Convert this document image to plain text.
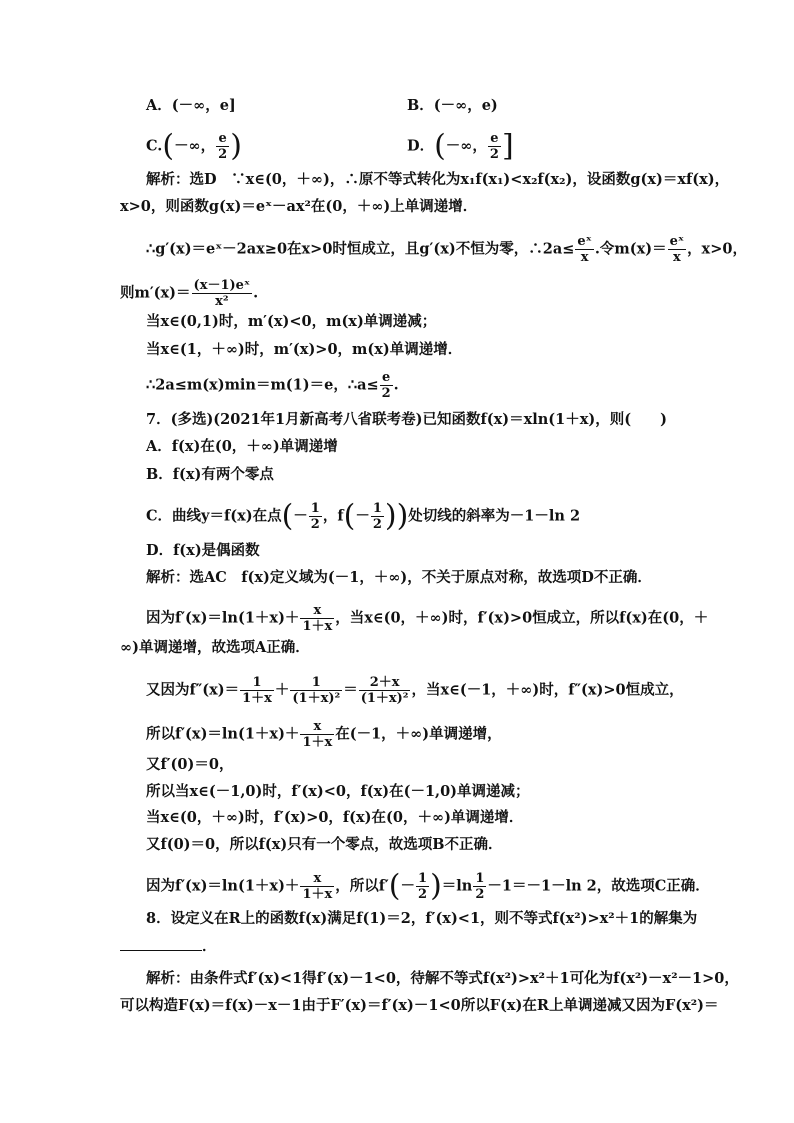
A．(－∞，e]	B．(－∞，e)
C.(－∞， $\frac{e}{2}$ )	D．(－∞， $\frac{e}{2}$ ]
解析：选D　∵x∈(0，＋∞)，∴原不等式转化为x₁f(x₁)<x₂f(x₂)，设函数g(x)＝xf(x)，
x>0，则函数g(x)＝eˣ－ax²在(0，＋∞)上单调递增．
∴g′(x)＝eˣ－2ax≥0在x>0时恒成立，且g′(x)不恒为零，∴2a≤ $\frac{\text{eˣ}}{x}$ .令$m(x)= \frac{\text{eˣ}}{x}$ ，x>0，
则$m'(x)= \frac{\text{(x－1)eˣ}}{\text{x²}}$ .
当x∈(0,1)时，m′(x)<0，m(x)单调递减；
当x∈(1，＋∞)时，m′(x)>0，m(x)单调递增．
∴2a≤m(x)min＝m(1)＝e，∴a≤ $\frac{e}{2}$ .
7．(多选)(2021年1月新高考八省联考卷)已知函数f(x)＝xln(1＋x)，则(　　)
A．f(x)在(0，＋∞)单调递增
B．f(x)有两个零点
C．曲线y＝f(x)在点(－ $\frac{1}{2}$ ，$f(- \frac{1}{2}$ ))处切线的斜率为－1－ln 2
D．f(x)是偶函数
解析：选AC　f(x)定义域为(－1，＋∞)，不关于原点对称，故选项D不正确．
因为$f'(x)=\ln(1+x)+ \frac{x}{1+x}$ ，当x∈(0，＋∞)时，f′(x)>0恒成立，所以f(x)在(0，＋
∞)单调递增，故选项A正确．
又因为$f''(x)= \frac{1}{1+x} + \frac{1}{\text{(1＋x)²}} = \frac{2+x}{\text{(1＋x)²}}$ ，当x∈(－1，＋∞)时，f″(x)>0恒成立，
所以$f'(x)=\ln(1+x)+ \frac{x}{1+x}$ 在(－1，＋∞)单调递增，
又f′(0)＝0，
所以当x∈(－1,0)时，f′(x)<0，f(x)在(－1,0)单调递减；
当x∈(0，＋∞)时，f′(x)>0，f(x)在(0，＋∞)单调递增．
又f(0)＝0，所以f(x)只有一个零点，故选项B不正确．
因为$f'(x)=\ln(1+x)+ \frac{x}{1+x}$ ，所以$f'(- \frac{1}{2} )=\ln \frac{1}{2} -1=-1-\ln$ 2，故选项C正确．
8．设定义在R上的函数f(x)满足f(1)＝2，f′(x)<1，则不等式f(x²)>x²＋1的解集为
．
解析：由条件式f′(x)<1得f′(x)－1<0，待解不等式f(x²)>x²＋1可化为f(x²)－x²－1>0，
可以构造F(x)＝f(x)－x－1由于F′(x)＝f′(x)－1<0所以F(x)在R上单调递减又因为F(x²)＝
